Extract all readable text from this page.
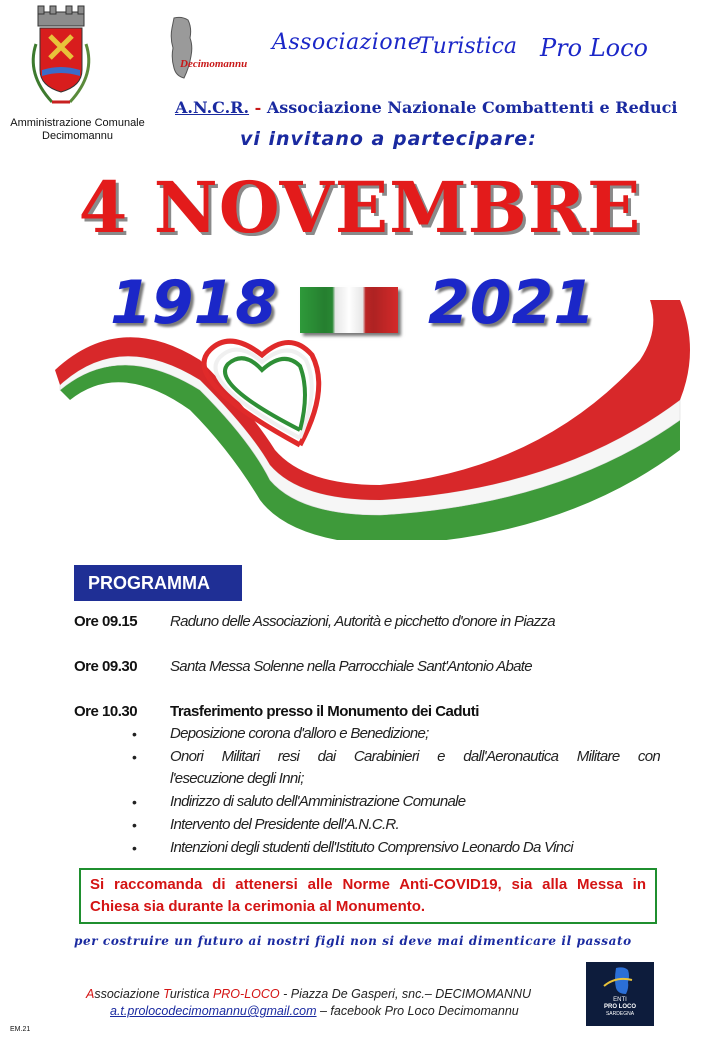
Amministrazione Comunale
Decimomannu
Decimomannu
Associazione
Turistica Pro Loco
A.N.C.R. - Associazione Nazionale Combattenti e Reduci
vi invitano a partecipare:
4 NOVEMBRE
1918	2021
PROGRAMMA
Ore 09.15 Raduno delle Associazioni, Autorità e picchetto d'onore in Piazza
Ore 09.30 Santa Messa Solenne nella Parrocchiale Sant'Antonio Abate
Ore 10.30 Trasferimento presso il Monumento dei Caduti
• Deposizione corona d'alloro e Benedizione;
• Onori Militari resi dai Carabinieri e dall'Aeronautica Militare con
l'esecuzione degli Inni;
• Indirizzo di saluto dell'Amministrazione Comunale
• Intervento del Presidente dell'A.N.C.R.
• Intenzioni degli studenti dell'Istituto Comprensivo Leonardo Da Vinci
Si raccomanda di attenersi alle Norme Anti-COVID19, sia alla Messa in
Chiesa sia durante la cerimonia al Monumento.
per costruire un futuro ai nostri figli non si deve mai dimenticare il passato
Associazione Turistica PRO-LOCO - Piazza De Gasperi, snc.– DECIMOMANNU
a.t.prolocodecimomannu@gmail.com – facebook Pro Loco Decimomannu
ENTI
PRO LOCO
SARDEGNA
EM.21
